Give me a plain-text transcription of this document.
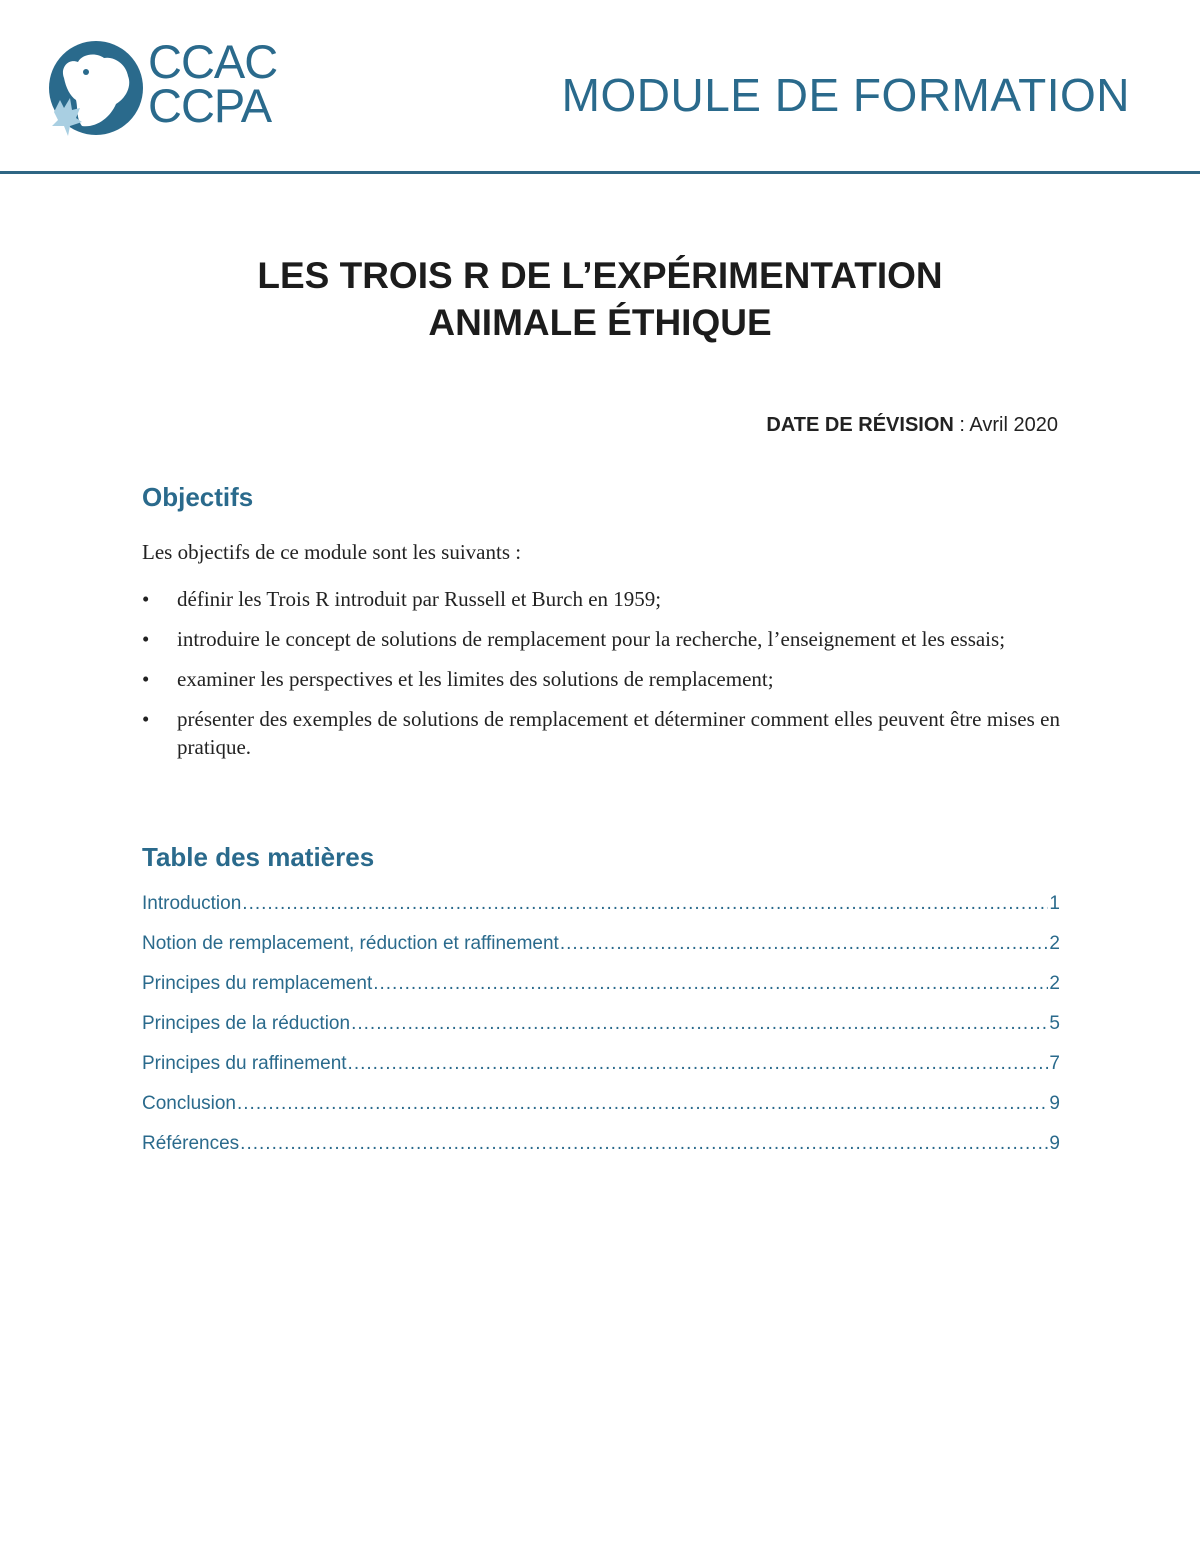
CCAC
CCPA	MODULE DE FORMATION
LES TROIS R DE L’EXPÉRIMENTATION
ANIMALE ÉTHIQUE
DATE DE RÉVISION : Avril 2020
Objectifs
Les objectifs de ce module sont les suivants :
• définir les Trois R introduit par Russell et Burch en 1959;
• introduire le concept de solutions de remplacement pour la recherche, l’enseignement et les essais;
• examiner les perspectives et les limites des solutions de remplacement;
• présenter des exemples de solutions de remplacement et déterminer comment elles peuvent être mises en pratique.
Table des matières
Introduction .....	1
Notion de remplacement, réduction et raffinement .....	2
Principes du remplacement .....	2
Principes de la réduction .....	5
Principes du raffinement .....	7
Conclusion .....	9
Références .....	9
